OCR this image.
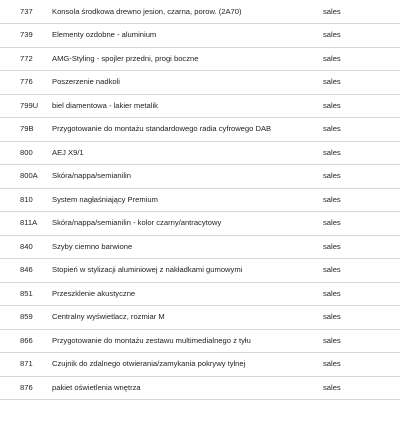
737	Konsola środkowa drewno jesion, czarna, porow. (2A70)	sales
739	Elementy ozdobne - aluminium	sales
772	AMG-Styling - spojler przedni, progi boczne	sales
776	Poszerzenie nadkoli	sales
799U	biel diamentowa - lakier metalik	sales
79B	Przygotowanie do montażu standardowego radia cyfrowego DAB	sales
800	AEJ X9/1	sales
800A	Skóra/nappa/semianilin	sales
810	System nagłaśniający Premium	sales
811A	Skóra/nappa/semianilin - kolor czarny/antracytowy	sales
840	Szyby ciemno barwione	sales
846	Stopień w stylizacji aluminiowej z nakładkami gumowymi	sales
851	Przeszklenie akustyczne	sales
859	Centralny wyświetlacz, rozmiar M	sales
866	Przygotowanie do montażu zestawu multimedialnego z tyłu	sales
871	Czujnik do zdalnego otwierania/zamykania pokrywy tylnej	sales
876	pakiet oświetlenia wnętrza	sales
